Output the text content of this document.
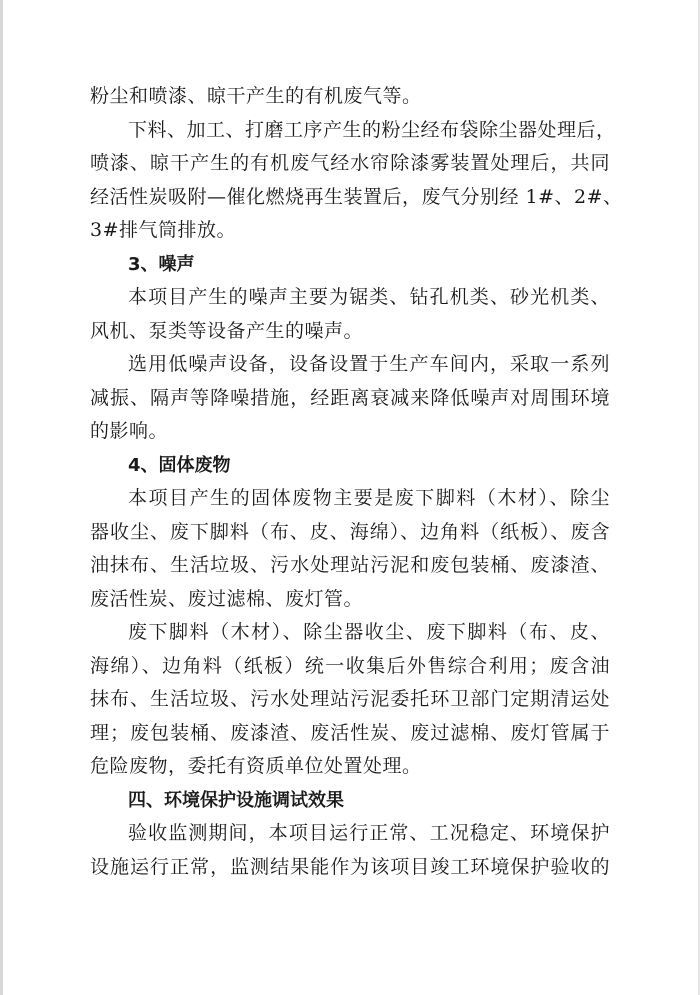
粉尘和喷漆、晾干产生的有机废气等。

下料、加工、打磨工序产生的粉尘经布袋除尘器处理后，

喷漆、晾干产生的有机废气经水帘除漆雾装置处理后，共同

经活性炭吸附—催化燃烧再生装置后，废气分别经 1#、2#、

3#排气筒排放。

3、噪声

本项目产生的噪声主要为锯类、钻孔机类、砂光机类、

风机、泵类等设备产生的噪声。

选用低噪声设备，设备设置于生产车间内，采取一系列

减振、隔声等降噪措施，经距离衰减来降低噪声对周围环境

的影响。

4、固体废物

本项目产生的固体废物主要是废下脚料（木材）、除尘

器收尘、废下脚料（布、皮、海绵）、边角料（纸板）、废含

油抹布、生活垃圾、污水处理站污泥和废包装桶、废漆渣、

废活性炭、废过滤棉、废灯管。

废下脚料（木材）、除尘器收尘、废下脚料（布、皮、

海绵）、边角料（纸板）统一收集后外售综合利用；废含油

抹布、生活垃圾、污水处理站污泥委托环卫部门定期清运处

理；废包装桶、废漆渣、废活性炭、废过滤棉、废灯管属于

危险废物，委托有资质单位处置处理。

四、环境保护设施调试效果

验收监测期间，本项目运行正常、工况稳定、环境保护

设施运行正常，监测结果能作为该项目竣工环境保护验收的
